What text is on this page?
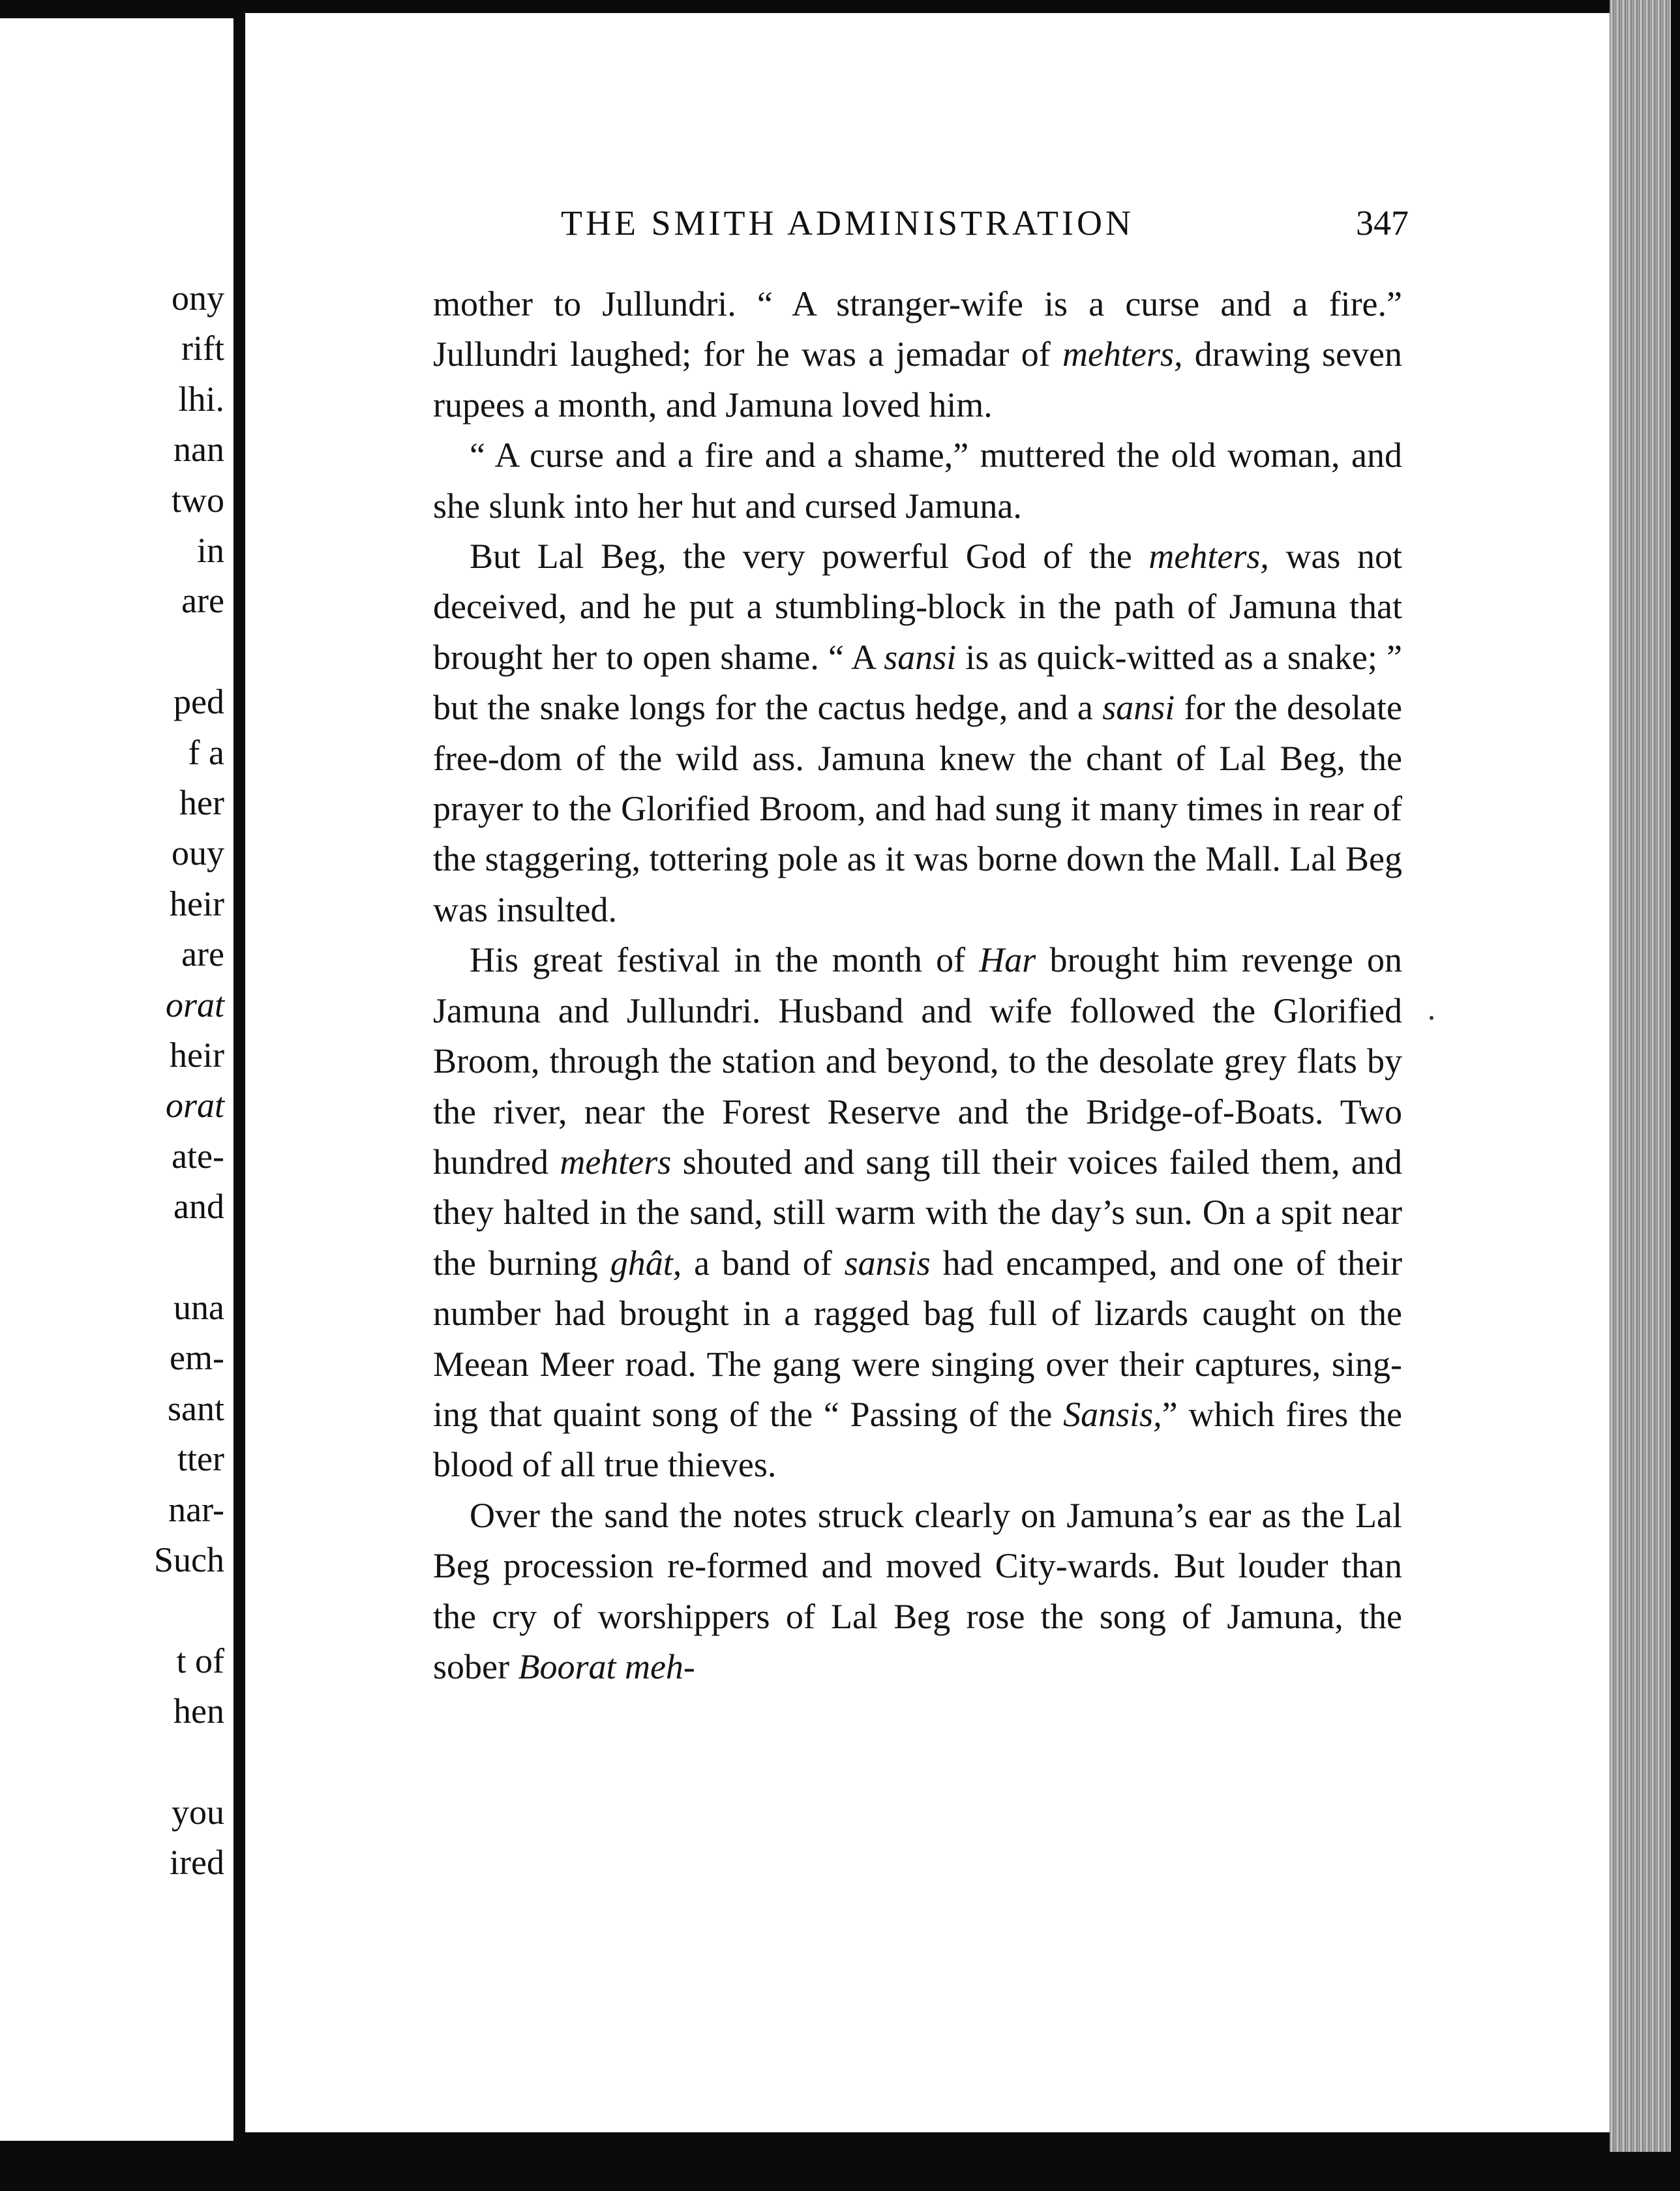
ony
rift
lhi.
nan
two
in
are
ped
f a
her
ouy
heir
are
orat
heir
orat
ate-
and
una
em-
sant
tter
nar-
Such
t of
hen
you
ired
THE SMITH ADMINISTRATION	347

mother to Jullundri. “ A stranger-wife is a curse and a fire.” Jullundri laughed; for he was a jemadar of mehters, drawing seven rupees a month, and Jamuna loved him.

“ A curse and a fire and a shame,” muttered the old woman, and she slunk into her hut and cursed Jamuna.

But Lal Beg, the very powerful God of the mehters, was not deceived, and he put a stumbling-block in the path of Jamuna that brought her to open shame. “ A sansi is as quick-witted as a snake; ” but the snake longs for the cactus hedge, and a sansi for the desolate free-dom of the wild ass. Jamuna knew the chant of Lal Beg, the prayer to the Glorified Broom, and had sung it many times in rear of the staggering, tottering pole as it was borne down the Mall. Lal Beg was insulted.

His great festival in the month of Har brought him revenge on Jamuna and Jullundri. Husband and wife followed the Glorified Broom, through the station and beyond, to the desolate grey flats by the river, near the Forest Reserve and the Bridge-of-Boats. Two hundred mehters shouted and sang till their voices failed them, and they halted in the sand, still warm with the day’s sun. On a spit near the burning ghât, a band of sansis had encamped, and one of their number had brought in a ragged bag full of lizards caught on the Meean Meer road. The gang were singing over their captures, sing-ing that quaint song of the “ Passing of the Sansis,” which fires the blood of all true thieves.

Over the sand the notes struck clearly on Jamuna’s ear as the Lal Beg procession re-formed and moved City-wards. But louder than the cry of worshippers of Lal Beg rose the song of Jamuna, the sober Boorat meh-
